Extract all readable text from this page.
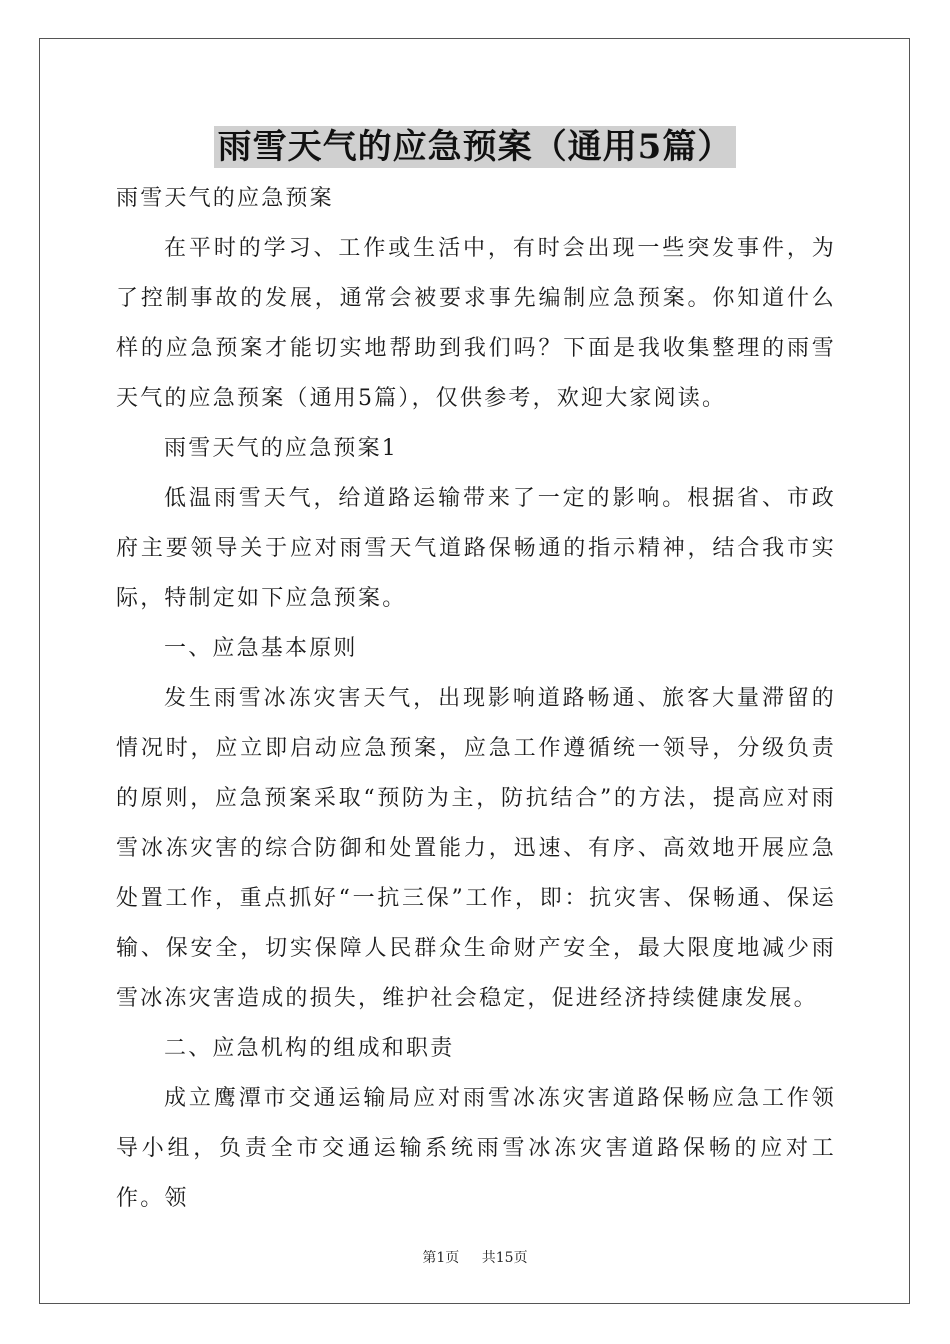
雨雪天气的应急预案（通用5篇）

雨雪天气的应急预案

在平时的学习、工作或生活中，有时会出现一些突发事件，为了控制事故的发展，通常会被要求事先编制应急预案。你知道什么样的应急预案才能切实地帮助到我们吗？下面是我收集整理的雨雪天气的应急预案（通用5篇），仅供参考，欢迎大家阅读。

雨雪天气的应急预案1

低温雨雪天气，给道路运输带来了一定的影响。根据省、市政府主要领导关于应对雨雪天气道路保畅通的指示精神，结合我市实际，特制定如下应急预案。

一、应急基本原则

发生雨雪冰冻灾害天气，出现影响道路畅通、旅客大量滞留的情况时，应立即启动应急预案，应急工作遵循统一领导，分级负责的原则，应急预案采取“预防为主，防抗结合”的方法，提高应对雨雪冰冻灾害的综合防御和处置能力，迅速、有序、高效地开展应急处置工作，重点抓好“一抗三保”工作，即：抗灾害、保畅通、保运输、保安全，切实保障人民群众生命财产安全，最大限度地减少雨雪冰冻灾害造成的损失，维护社会稳定，促进经济持续健康发展。

二、应急机构的组成和职责

成立鹰潭市交通运输局应对雨雪冰冻灾害道路保畅应急工作领导小组，负责全市交通运输系统雨雪冰冻灾害道路保畅的应对工作。领

第1页 共15页
